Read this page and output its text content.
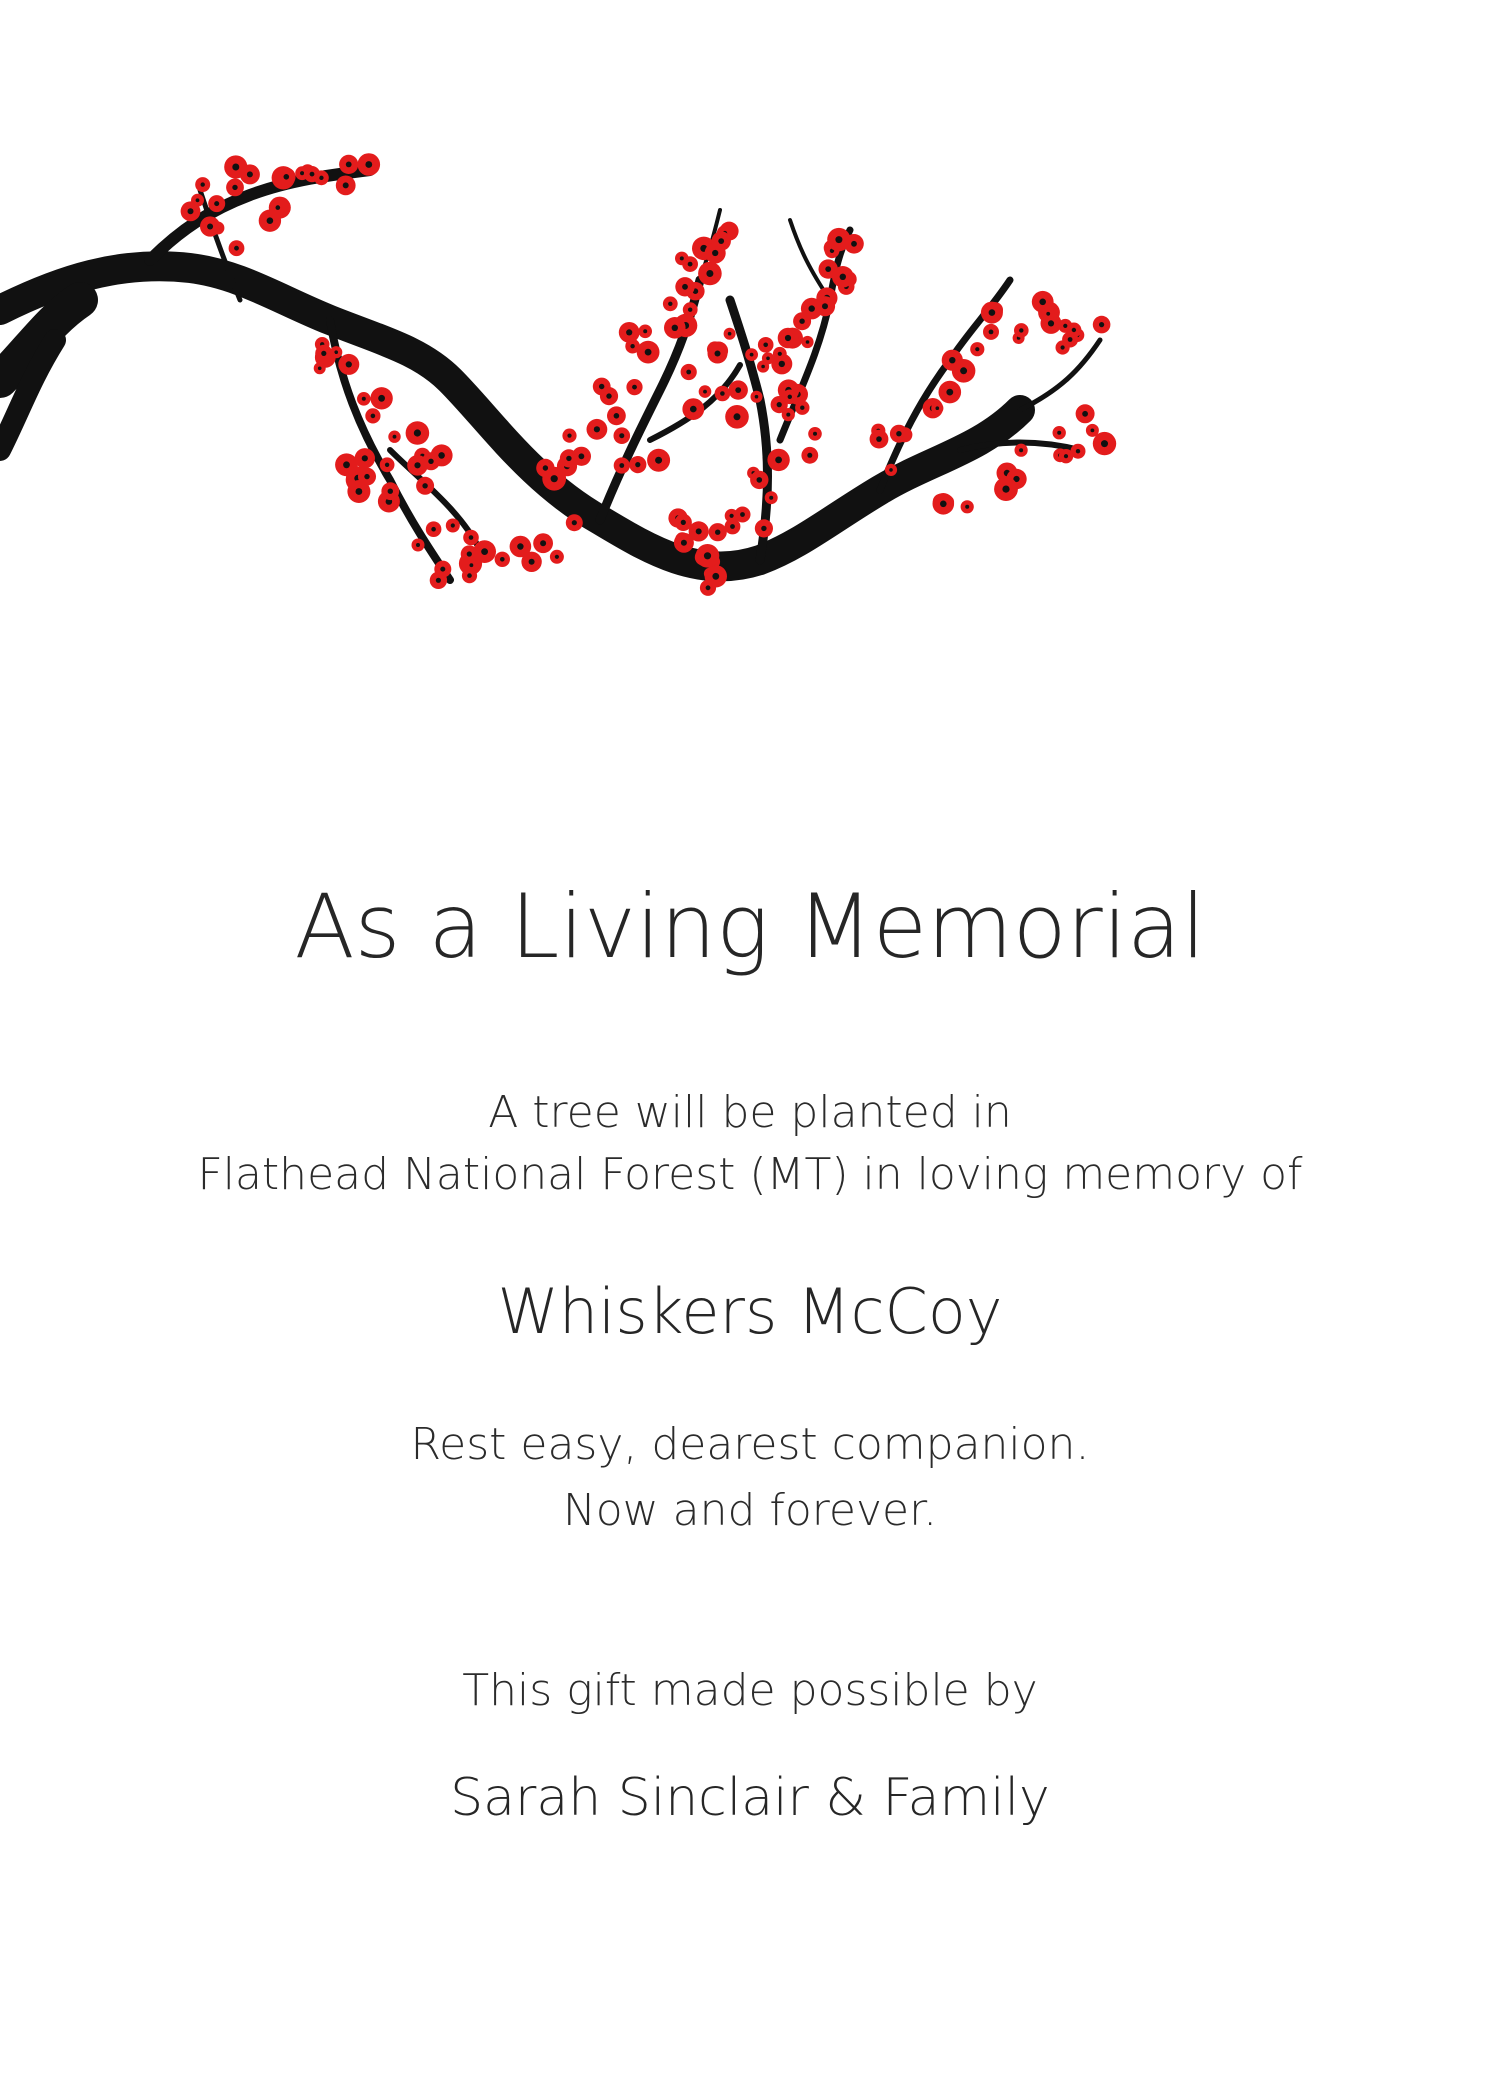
As a Living Memorial
A tree will be planted in
Flathead National Forest (MT) in loving memory of
Whiskers McCoy
Rest easy, dearest companion.
Now and forever.
This gift made possible by
Sarah Sinclair & Family
